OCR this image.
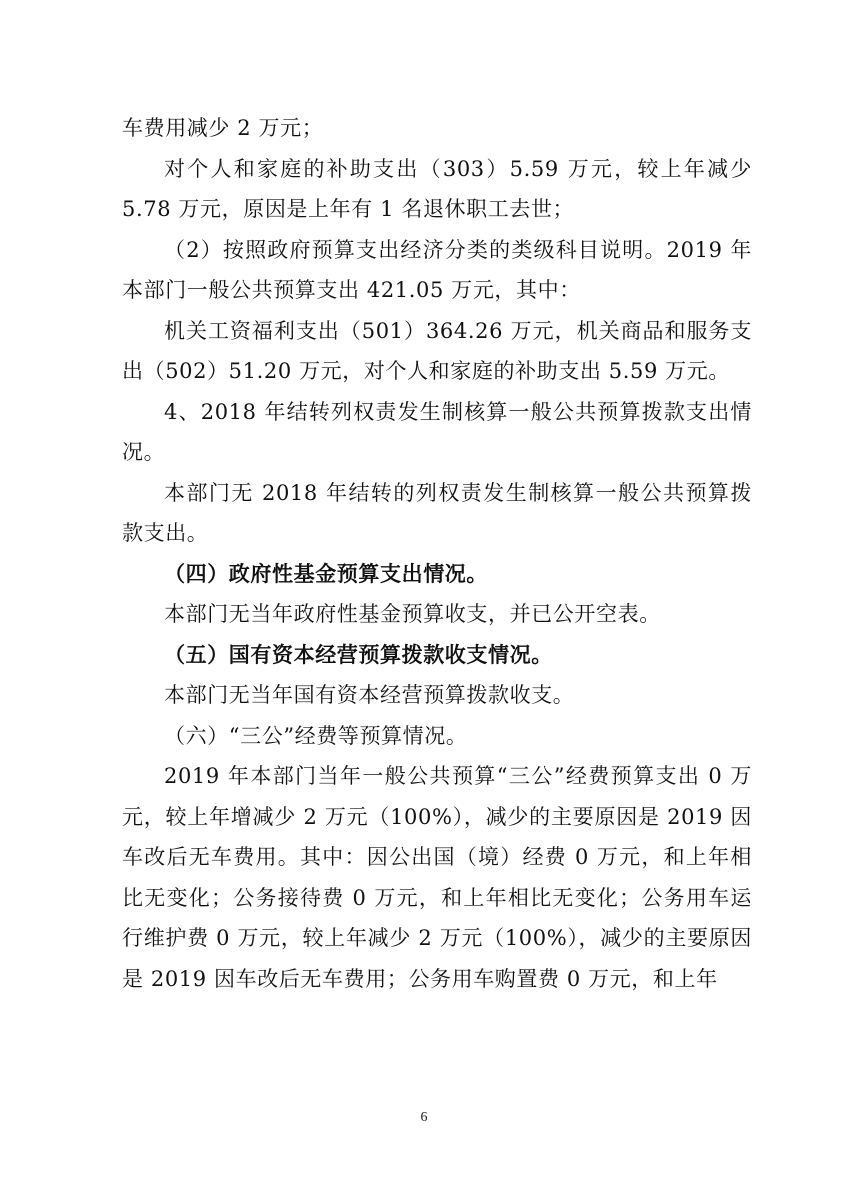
车费用减少 2 万元；

对个人和家庭的补助支出（303）5.59 万元，较上年减少 5.78 万元，原因是上年有 1 名退休职工去世；

（2）按照政府预算支出经济分类的类级科目说明。2019 年本部门一般公共预算支出 421.05 万元，其中：

机关工资福利支出（501）364.26 万元，机关商品和服务支出（502）51.20 万元，对个人和家庭的补助支出 5.59 万元。

4、2018 年结转列权责发生制核算一般公共预算拨款支出情况。

本部门无 2018 年结转的列权责发生制核算一般公共预算拨款支出。

（四）政府性基金预算支出情况。

本部门无当年政府性基金预算收支，并已公开空表。

（五）国有资本经营预算拨款收支情况。

本部门无当年国有资本经营预算拨款收支。

（六）“三公”经费等预算情况。

2019 年本部门当年一般公共预算“三公”经费预算支出 0 万元，较上年增减少 2 万元（100%），减少的主要原因是 2019 因车改后无车费用。其中：因公出国（境）经费 0 万元，和上年相比无变化；公务接待费 0 万元，和上年相比无变化；公务用车运行维护费 0 万元，较上年减少 2 万元（100%），减少的主要原因是 2019 因车改后无车费用；公务用车购置费 0 万元，和上年

6
